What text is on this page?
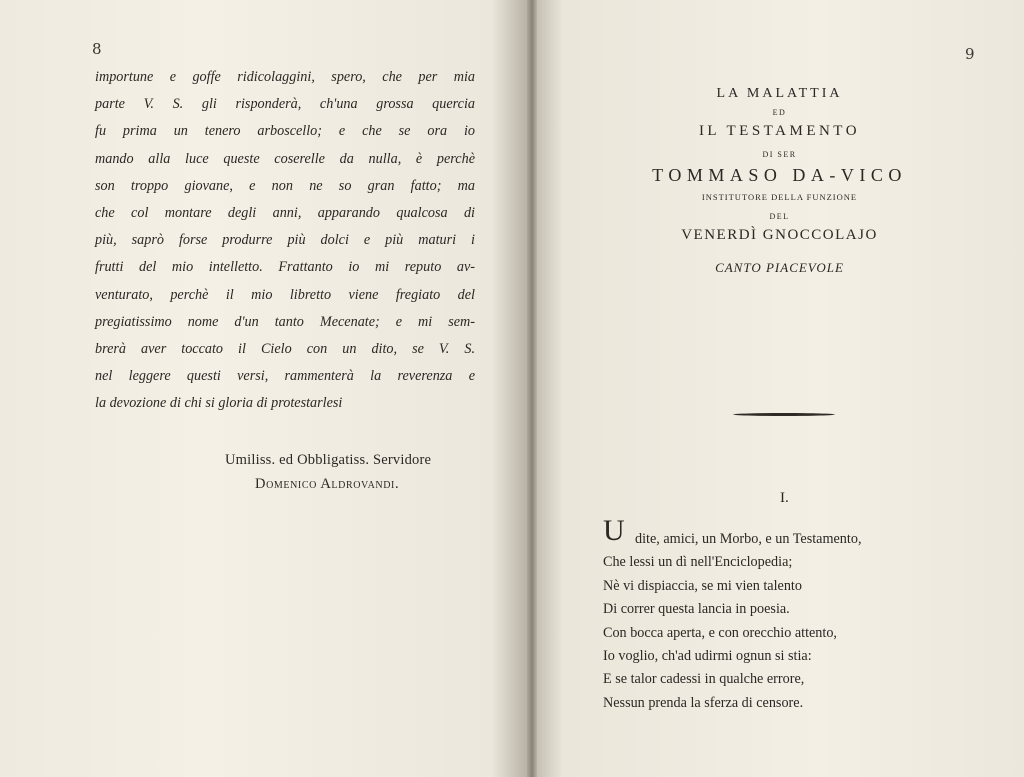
8
importune e goffe ridicolaggini, spero, che per mia
parte V. S. gli risponderà, ch'una grossa quercia
fu prima un tenero arboscello; e che se ora io
mando alla luce queste coserelle da nulla, è perchè
son troppo giovane, e non ne so gran fatto; ma
che col montare degli anni, apparando qualcosa di
più, saprò forse produrre più dolci e più maturi i
frutti del mio intelletto. Frattanto io mi reputo av-
venturato, perchè il mio libretto viene fregiato del
pregiatissimo nome d'un tanto Mecenate; e mi sem-
brerà aver toccato il Cielo con un dito, se V. S.
nel leggere questi versi, rammenterà la reverenza e
la devozione di chi si gloria di protestarlesi
Umiliss. ed Obbligatiss. Servidore
Domenico Aldrovandi.
9
LA MALATTIA
ED
IL TESTAMENTO
DI SER
TOMMASO DA-VICO
INSTITUTORE DELLA FUNZIONE
DEL
VENERDÌ GNOCCOLAJO
CANTO PIACEVOLE
I.
U dite, amici, un Morbo, e un Testamento,
Che lessi un dì nell'Enciclopedia;
Nè vi dispiaccia, se mi vien talento
Di correr questa lancia in poesia.
Con bocca aperta, e con orecchio attento,
Io voglio, ch'ad udirmi ognun si stia:
E se talor cadessi in qualche errore,
Nessun prenda la sferza di censore.
